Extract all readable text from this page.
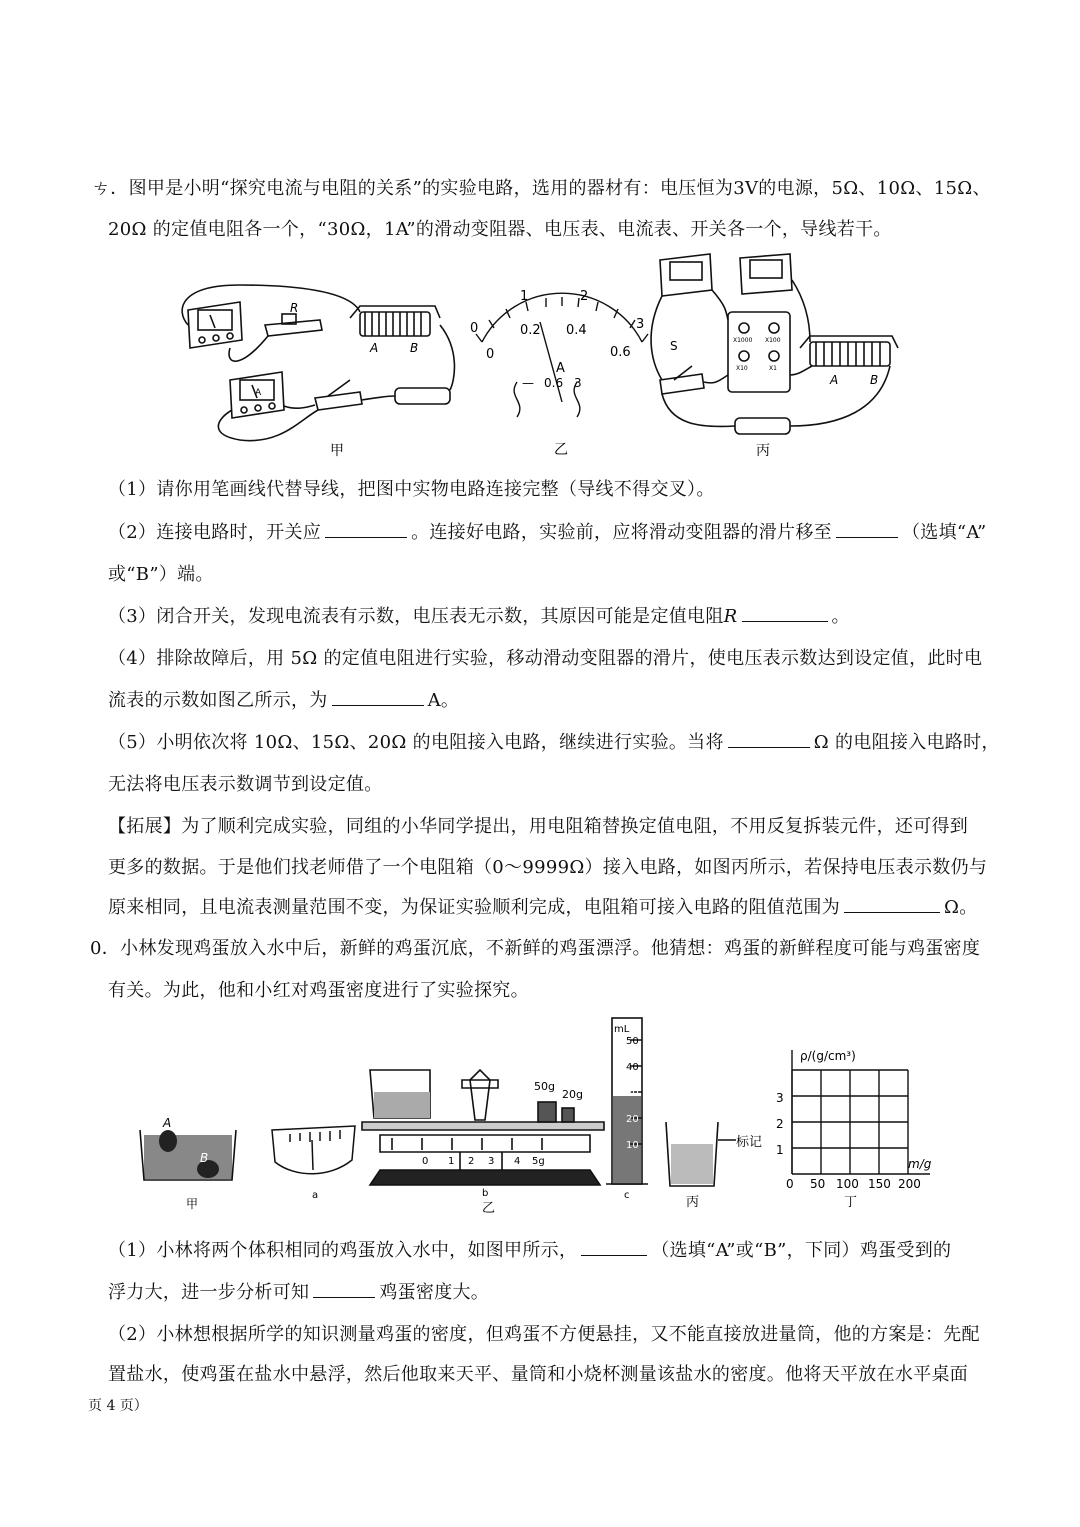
ㄘ．图甲是小明“探究电流与电阻的关系”的实验电路，选用的器材有：电压恒为3V的电源，5Ω、10Ω、15Ω、
20Ω 的定值电阻各一个，“30Ω，1A”的滑动变阻器、电压表、电流表、开关各一个，导线若干。
R
A	B
A
甲
0
1	2
3
0
0.2 0.4
0.6
A
— 0.6 3
乙
S	X1000 X100
X10	X1
A	B
丙
（1）请你用笔画线代替导线，把图中实物电路连接完整（导线不得交叉）。
（2）连接电路时，开关应	。连接好电路，实验前，应将滑动变阻器的滑片移至	（选填“A”
或“B”）端。
（3）闭合开关，发现电流表有示数，电压表无示数，其原因可能是定值电阻R	。
（4）排除故障后，用 5Ω 的定值电阻进行实验，移动滑动变阻器的滑片，使电压表示数达到设定值，此时电
流表的示数如图乙所示，为	A。
（5）小明依次将 10Ω、15Ω、20Ω 的电阻接入电路，继续进行实验。当将	Ω 的电阻接入电路时，
无法将电压表示数调节到设定值。
【拓展】为了顺利完成实验，同组的小华同学提出，用电阻箱替换定值电阻，不用反复拆装元件，还可得到
更多的数据。于是他们找老师借了一个电阻箱（0～9999Ω）接入电路，如图丙所示，若保持电压表示数仍与
原来相同，且电流表测量范围不变，为保证实验顺利完成，电阻箱可接入电路的阻值范围为	Ω。
0．小林发现鸡蛋放入水中后，新鲜的鸡蛋沉底，不新鲜的鸡蛋漂浮。他猜想：鸡蛋的新鲜程度可能与鸡蛋密度
有关。为此，他和小红对鸡蛋密度进行了实验探究。
A
B
甲
a
50g
20g
0 1 2 3 4 5g
b
乙
mL
50
40
30
20
10
c
标记
丙
ρ/(g/cm³)
m/g
3
2
1
0 50 100 150 200
丁
（1）小林将两个体积相同的鸡蛋放入水中，如图甲所示，	（选填“A”或“B”，下同）鸡蛋受到的
浮力大，进一步分析可知	鸡蛋密度大。
（2）小林想根据所学的知识测量鸡蛋的密度，但鸡蛋不方便悬挂，又不能直接放进量筒，他的方案是：先配
置盐水，使鸡蛋在盐水中悬浮，然后他取来天平、量筒和小烧杯测量该盐水的密度。他将天平放在水平桌面
页 4 页）
